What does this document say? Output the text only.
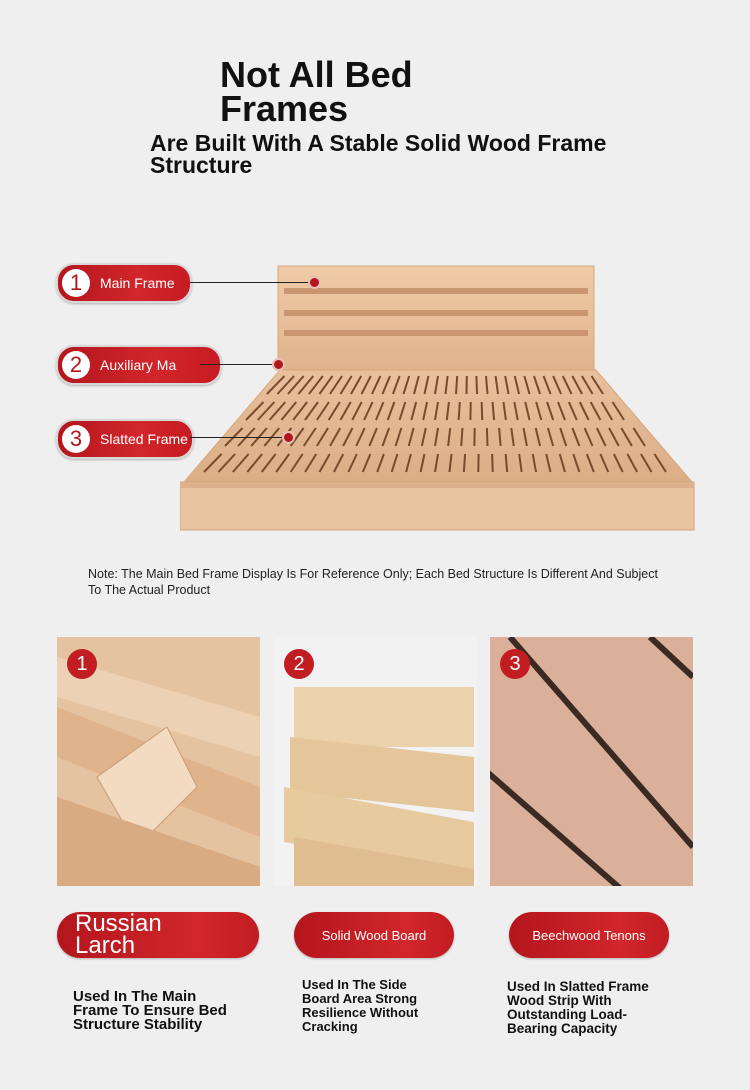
Not All Bed Frames
Are Built With A Stable Solid Wood Frame Structure
1	Main Frame
2	Auxiliary Ma
3	Slatted Frame
Note: The Main Bed Frame Display Is For Reference Only; Each Bed Structure Is Different And Subject To The Actual Product
1	2	3
Russian Larch	Solid Wood Board	Beechwood Tenons
Used In The Main Frame To Ensure Bed Structure Stability
Used In The Side Board Area Strong Resilience Without Cracking
Used In Slatted Frame Wood Strip With Outstanding Load-Bearing Capacity
